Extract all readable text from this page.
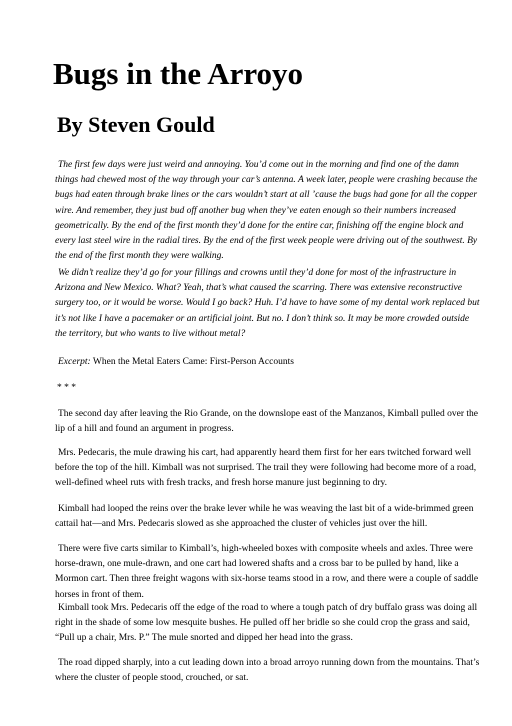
Bugs in the Arroyo
By Steven Gould

The first few days were just weird and annoying. You’d come out in the morning and find one of the damn things had chewed most of the way through your car’s antenna. A week later, people were crashing because the bugs had eaten through brake lines or the cars wouldn’t start at all ’cause the bugs had gone for all the copper wire. And remember, they just bud off another bug when they’ve eaten enough so their numbers increased geometrically. By the end of the first month they’d done for the entire car, finishing off the engine block and every last steel wire in the radial tires. By the end of the first week people were driving out of the southwest. By the end of the first month they were walking.

We didn’t realize they’d go for your fillings and crowns until they’d done for most of the infrastructure in Arizona and New Mexico. What? Yeah, that’s what caused the scarring. There was extensive reconstructive surgery too, or it would be worse. Would I go back? Huh. I’d have to have some of my dental work replaced but it’s not like I have a pacemaker or an artificial joint. But no. I don’t think so. It may be more crowded outside the territory, but who wants to live without metal?

Excerpt: When the Metal Eaters Came: First-Person Accounts

* * *

The second day after leaving the Rio Grande, on the downslope east of the Manzanos, Kimball pulled over the lip of a hill and found an argument in progress.

Mrs. Pedecaris, the mule drawing his cart, had apparently heard them first for her ears twitched forward well before the top of the hill. Kimball was not surprised. The trail they were following had become more of a road, well-defined wheel ruts with fresh tracks, and fresh horse manure just beginning to dry.

Kimball had looped the reins over the brake lever while he was weaving the last bit of a wide-brimmed green cattail hat—and Mrs. Pedecaris slowed as she approached the cluster of vehicles just over the hill.

There were five carts similar to Kimball’s, high-wheeled boxes with composite wheels and axles. Three were horse-drawn, one mule-drawn, and one cart had lowered shafts and a cross bar to be pulled by hand, like a Mormon cart. Then three freight wagons with six-horse teams stood in a row, and there were a couple of saddle horses in front of them.

Kimball took Mrs. Pedecaris off the edge of the road to where a tough patch of dry buffalo grass was doing all right in the shade of some low mesquite bushes. He pulled off her bridle so she could crop the grass and said, “Pull up a chair, Mrs. P.” The mule snorted and dipped her head into the grass.

The road dipped sharply, into a cut leading down into a broad arroyo running down from the mountains. That’s where the cluster of people stood, crouched, or sat.
